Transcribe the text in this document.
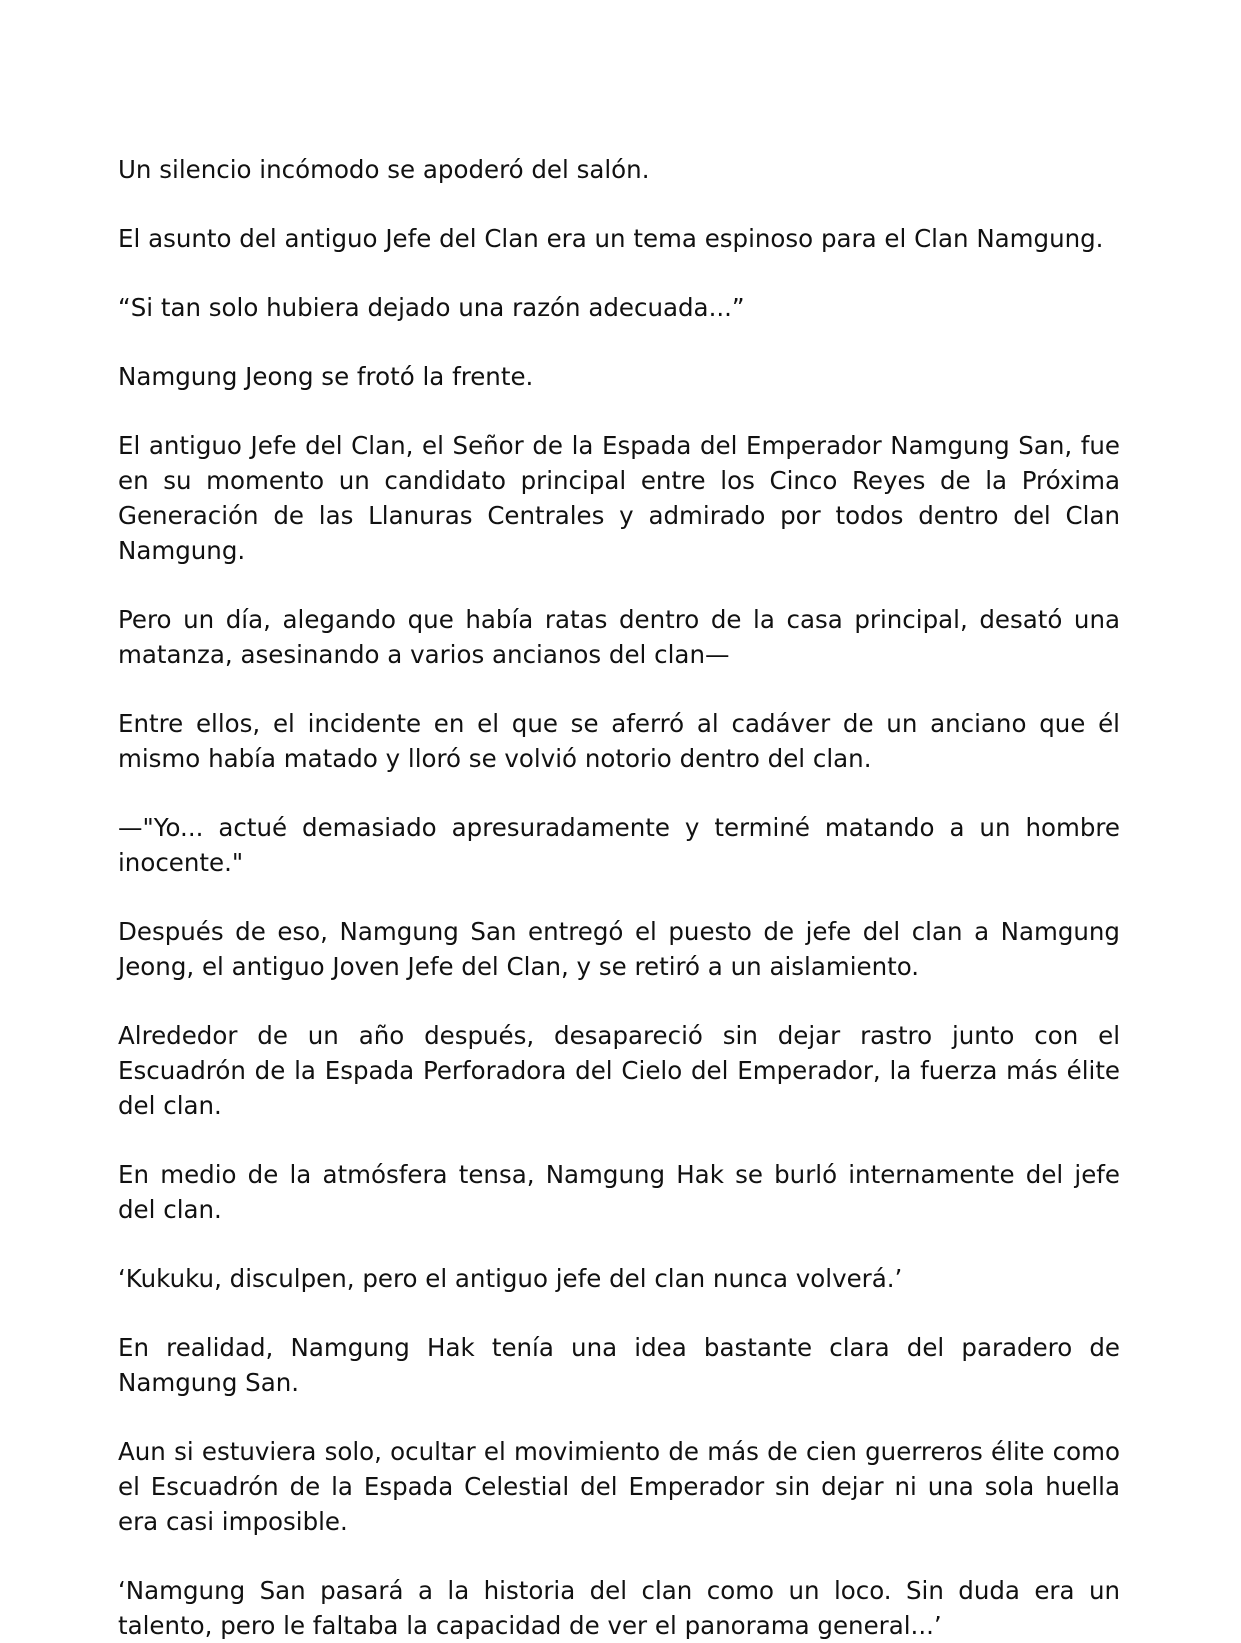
Un silencio incómodo se apoderó del salón.

El asunto del antiguo Jefe del Clan era un tema espinoso para el Clan Namgung.

“Si tan solo hubiera dejado una razón adecuada...”

Namgung Jeong se frotó la frente.

El antiguo Jefe del Clan, el Señor de la Espada del Emperador Namgung San, fue en su momento un candidato principal entre los Cinco Reyes de la Próxima Generación de las Llanuras Centrales y admirado por todos dentro del Clan Namgung.

Pero un día, alegando que había ratas dentro de la casa principal, desató una matanza, asesinando a varios ancianos del clan—

Entre ellos, el incidente en el que se aferró al cadáver de un anciano que él mismo había matado y lloró se volvió notorio dentro del clan.

—"Yo... actué demasiado apresuradamente y terminé matando a un hombre inocente."

Después de eso, Namgung San entregó el puesto de jefe del clan a Namgung Jeong, el antiguo Joven Jefe del Clan, y se retiró a un aislamiento.

Alrededor de un año después, desapareció sin dejar rastro junto con el Escuadrón de la Espada Perforadora del Cielo del Emperador, la fuerza más élite del clan.

En medio de la atmósfera tensa, Namgung Hak se burló internamente del jefe del clan.

‘Kukuku, disculpen, pero el antiguo jefe del clan nunca volverá.’

En realidad, Namgung Hak tenía una idea bastante clara del paradero de Namgung San.

Aun si estuviera solo, ocultar el movimiento de más de cien guerreros élite como el Escuadrón de la Espada Celestial del Emperador sin dejar ni una sola huella era casi imposible.

‘Namgung San pasará a la historia del clan como un loco. Sin duda era un talento, pero le faltaba la capacidad de ver el panorama general...’
